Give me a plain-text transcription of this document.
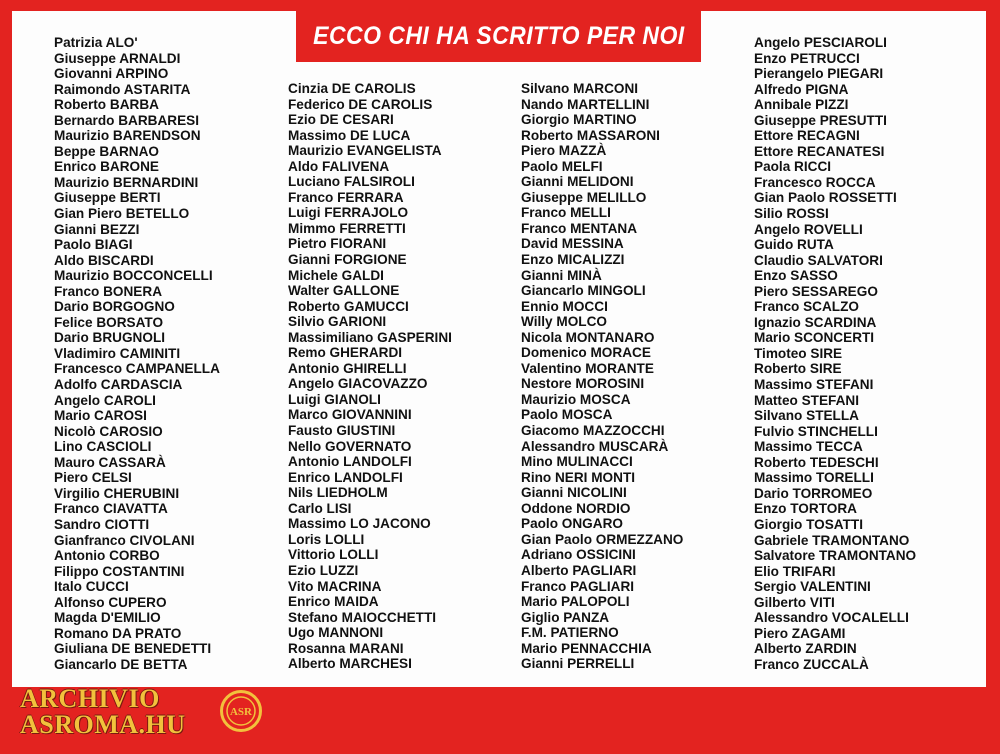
ECCO CHI HA SCRITTO PER NOI
Patrizia ALO'
Giuseppe ARNALDI
Giovanni ARPINO
Raimondo ASTARITA
Roberto BARBA
Bernardo BARBARESI
Maurizio BARENDSON
Beppe BARNAO
Enrico BARONE
Maurizio BERNARDINI
Giuseppe BERTI
Gian Piero BETELLO
Gianni BEZZI
Paolo BIAGI
Aldo BISCARDI
Maurizio BOCCONCELLI
Franco BONERA
Dario BORGOGNO
Felice BORSATO
Dario BRUGNOLI
Vladimiro CAMINITI
Francesco CAMPANELLA
Adolfo CARDASCIA
Angelo CAROLI
Mario CAROSI
Nicolò CAROSIO
Lino CASCIOLI
Mauro CASSARÀ
Piero CELSI
Virgilio CHERUBINI
Franco CIAVATTA
Sandro CIOTTI
Gianfranco CIVOLANI
Antonio CORBO
Filippo COSTANTINI
Italo CUCCI
Alfonso CUPERO
Magda D'EMILIO
Romano DA PRATO
Giuliana DE BENEDETTI
Giancarlo DE BETTA
Cinzia DE CAROLIS
Federico DE CAROLIS
Ezio DE CESARI
Massimo DE LUCA
Maurizio EVANGELISTA
Aldo FALIVENA
Luciano FALSIROLI
Franco FERRARA
Luigi FERRAJOLO
Mimmo FERRETTI
Pietro FIORANI
Gianni FORGIONE
Michele GALDI
Walter GALLONE
Roberto GAMUCCI
Silvio GARIONI
Massimiliano GASPERINI
Remo GHERARDI
Antonio GHIRELLI
Angelo GIACOVAZZO
Luigi GIANOLI
Marco GIOVANNINI
Fausto GIUSTINI
Nello GOVERNATO
Antonio LANDOLFI
Enrico LANDOLFI
Nils LIEDHOLM
Carlo LISI
Massimo LO JACONO
Loris LOLLI
Vittorio LOLLI
Ezio LUZZI
Vito MACRINA
Enrico MAIDA
Stefano MAIOCCHETTI
Ugo MANNONI
Rosanna MARANI
Alberto MARCHESI
Silvano MARCONI
Nando MARTELLINI
Giorgio MARTINO
Roberto MASSARONI
Piero MAZZÀ
Paolo MELFI
Gianni MELIDONI
Giuseppe MELILLO
Franco MELLI
Franco MENTANA
David MESSINA
Enzo MICALIZZI
Gianni MINÀ
Giancarlo MINGOLI
Ennio MOCCI
Willy MOLCO
Nicola MONTANARO
Domenico MORACE
Valentino MORANTE
Nestore MOROSINI
Maurizio MOSCA
Paolo MOSCA
Giacomo MAZZOCCHI
Alessandro MUSCARÀ
Mino MULINACCI
Rino NERI MONTI
Gianni NICOLINI
Oddone NORDIO
Paolo ONGARO
Gian Paolo ORMEZZANO
Adriano OSSICINI
Alberto PAGLIARI
Franco PAGLIARI
Mario PALOPOLI
Giglio PANZA
F.M. PATIERNO
Mario PENNACCHIA
Gianni PERRELLI
Angelo PESCIAROLI
Enzo PETRUCCI
Pierangelo PIEGARI
Alfredo PIGNA
Annibale PIZZI
Giuseppe PRESUTTI
Ettore RECAGNI
Ettore RECANATESI
Paola RICCI
Francesco ROCCA
Gian Paolo ROSSETTI
Silio ROSSI
Angelo ROVELLI
Guido RUTA
Claudio SALVATORI
Enzo SASSO
Piero SESSAREGO
Franco SCALZO
Ignazio SCARDINA
Mario SCONCERTI
Timoteo SIRE
Roberto SIRE
Massimo STEFANI
Matteo STEFANI
Silvano STELLA
Fulvio STINCHELLI
Massimo TECCA
Roberto TEDESCHI
Massimo TORELLI
Dario TORROMEO
Enzo TORTORA
Giorgio TOSATTI
Gabriele TRAMONTANO
Salvatore TRAMONTANO
Elio TRIFARI
Sergio VALENTINI
Gilberto VITI
Alessandro VOCALELLI
Piero ZAGAMI
Alberto ZARDIN
Franco ZUCCALÀ
ARCHIVIO
ASROMA.HU	ASR
